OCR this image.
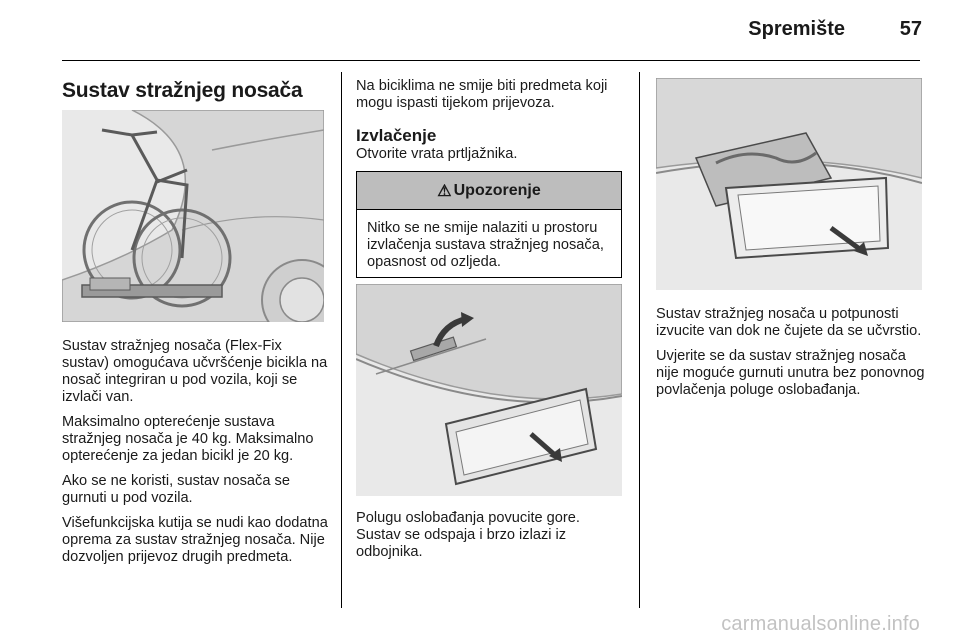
Spremište	57
Sustav stražnjeg nosača

Sustav stražnjeg nosača (Flex-Fix sustav) omogućava učvršćenje bicikla na nosač integriran u pod vozila, koji se izvlači van.

Maksimalno opterećenje sustava stražnjeg nosača je 40 kg. Maksimalno opterećenje za jedan bicikl je 20 kg.

Ako se ne koristi, sustav nosača se gurnuti u pod vozila.

Višefunkcijska kutija se nudi kao dodatna oprema za sustav stražnjeg nosača. Nije dozvoljen prijevoz drugih predmeta.

Na biciklima ne smije biti predmeta koji mogu ispasti tijekom prijevoza.

Izvlačenje

Otvorite vrata prtljažnika.

⚠ Upozorenje
Nitko se ne smije nalaziti u prostoru izvlačenja sustava stražnjeg nosača, opasnost od ozljeda.

Polugu oslobađanja povucite gore. Sustav se odspaja i brzo izlazi iz odbojnika.

Sustav stražnjeg nosača u potpunosti izvucite van dok ne čujete da se učvrstio.

Uvjerite se da sustav stražnjeg nosača nije moguće gurnuti unutra bez ponovnog povlačenja poluge oslobađanja.

carmanualsonline.info
